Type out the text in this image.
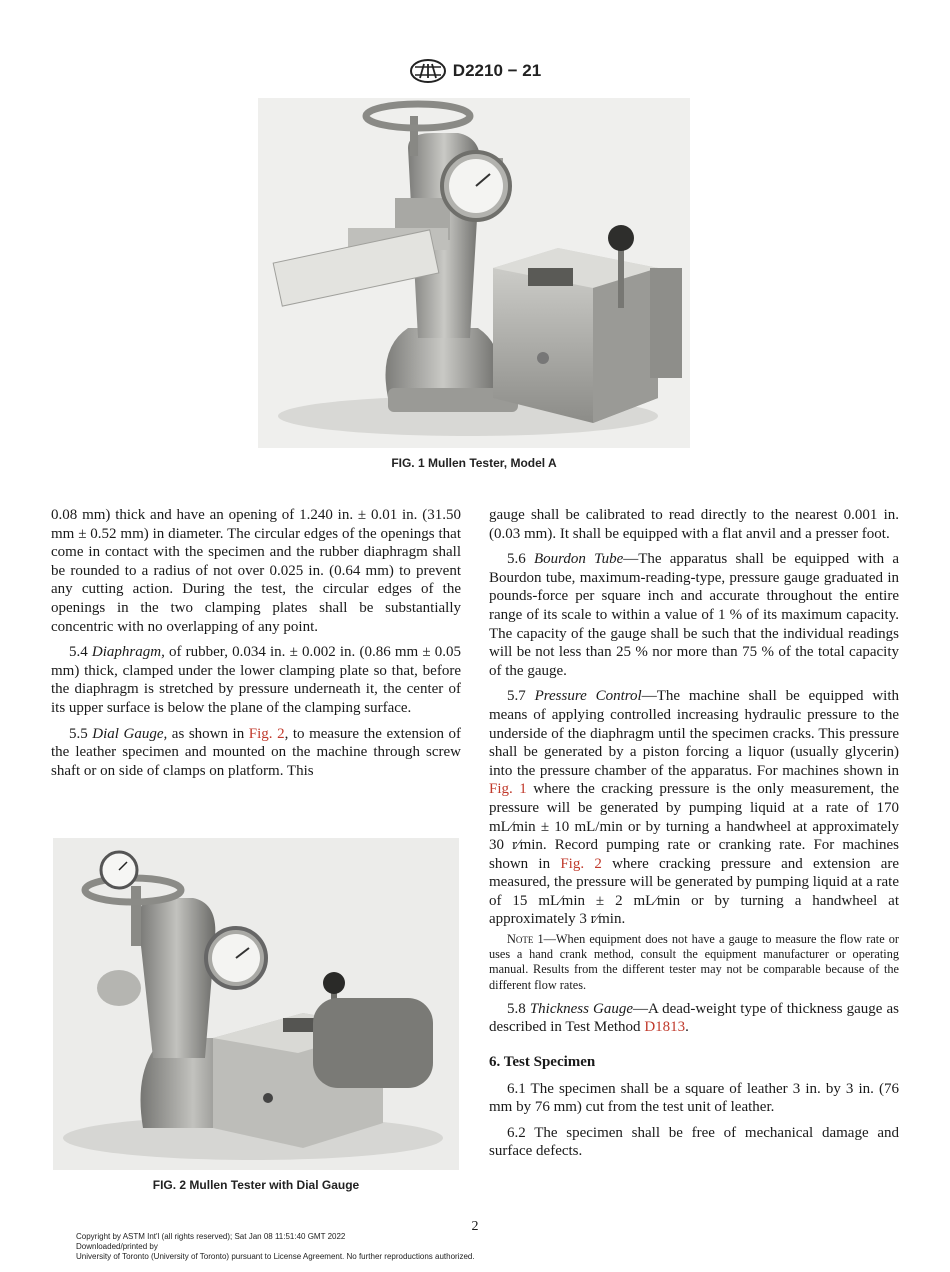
D2210 − 21
FIG. 1 Mullen Tester, Model A

0.08 mm) thick and have an opening of 1.240 in. ± 0.01 in. (31.50 mm ± 0.52 mm) in diameter. The circular edges of the openings that come in contact with the specimen and the rubber diaphragm shall be rounded to a radius of not over 0.025 in. (0.64 mm) to prevent any cutting action. During the test, the circular edges of the openings in the two clamping plates shall be substantially concentric with no overlapping of any point.

5.4 Diaphragm, of rubber, 0.034 in. ± 0.002 in. (0.86 mm ± 0.05 mm) thick, clamped under the lower clamping plate so that, before the diaphragm is stretched by pressure underneath it, the center of its upper surface is below the plane of the clamping surface.

5.5 Dial Gauge, as shown in Fig. 2, to measure the extension of the leather specimen and mounted on the machine through screw shaft or on side of clamps on platform. This

FIG. 2 Mullen Tester with Dial Gauge

gauge shall be calibrated to read directly to the nearest 0.001 in. (0.03 mm). It shall be equipped with a flat anvil and a presser foot.

5.6 Bourdon Tube—The apparatus shall be equipped with a Bourdon tube, maximum-reading-type, pressure gauge graduated in pounds-force per square inch and accurate throughout the entire range of its scale to within a value of 1 % of its maximum capacity. The capacity of the gauge shall be such that the individual readings will be not less than 25 % nor more than 75 % of the total capacity of the gauge.

5.7 Pressure Control—The machine shall be equipped with means of applying controlled increasing hydraulic pressure to the underside of the diaphragm until the specimen cracks. This pressure shall be generated by a piston forcing a liquor (usually glycerin) into the pressure chamber of the apparatus. For machines shown in Fig. 1 where the cracking pressure is the only measurement, the pressure will be generated by pumping liquid at a rate of 170 mL⁄min ± 10 mL/min or by turning a handwheel at approximately 30 r⁄min. Record pumping rate or cranking rate. For machines shown in Fig. 2 where cracking pressure and extension are measured, the pressure will be generated by pumping liquid at a rate of 15 mL⁄min ± 2 mL⁄min or by turning a handwheel at approximately 3 r⁄min.

Note 1—When equipment does not have a gauge to measure the flow rate or uses a hand crank method, consult the equipment manufacturer or operating manual. Results from the different tester may not be comparable because of the different flow rates.

5.8 Thickness Gauge—A dead-weight type of thickness gauge as described in Test Method D1813.

6. Test Specimen

6.1 The specimen shall be a square of leather 3 in. by 3 in. (76 mm by 76 mm) cut from the test unit of leather.

6.2 The specimen shall be free of mechanical damage and surface defects.

2
Copyright by ASTM Int'l (all rights reserved); Sat Jan 08 11:51:40 GMT 2022
Downloaded/printed by
University of Toronto (University of Toronto) pursuant to License Agreement. No further reproductions authorized.
